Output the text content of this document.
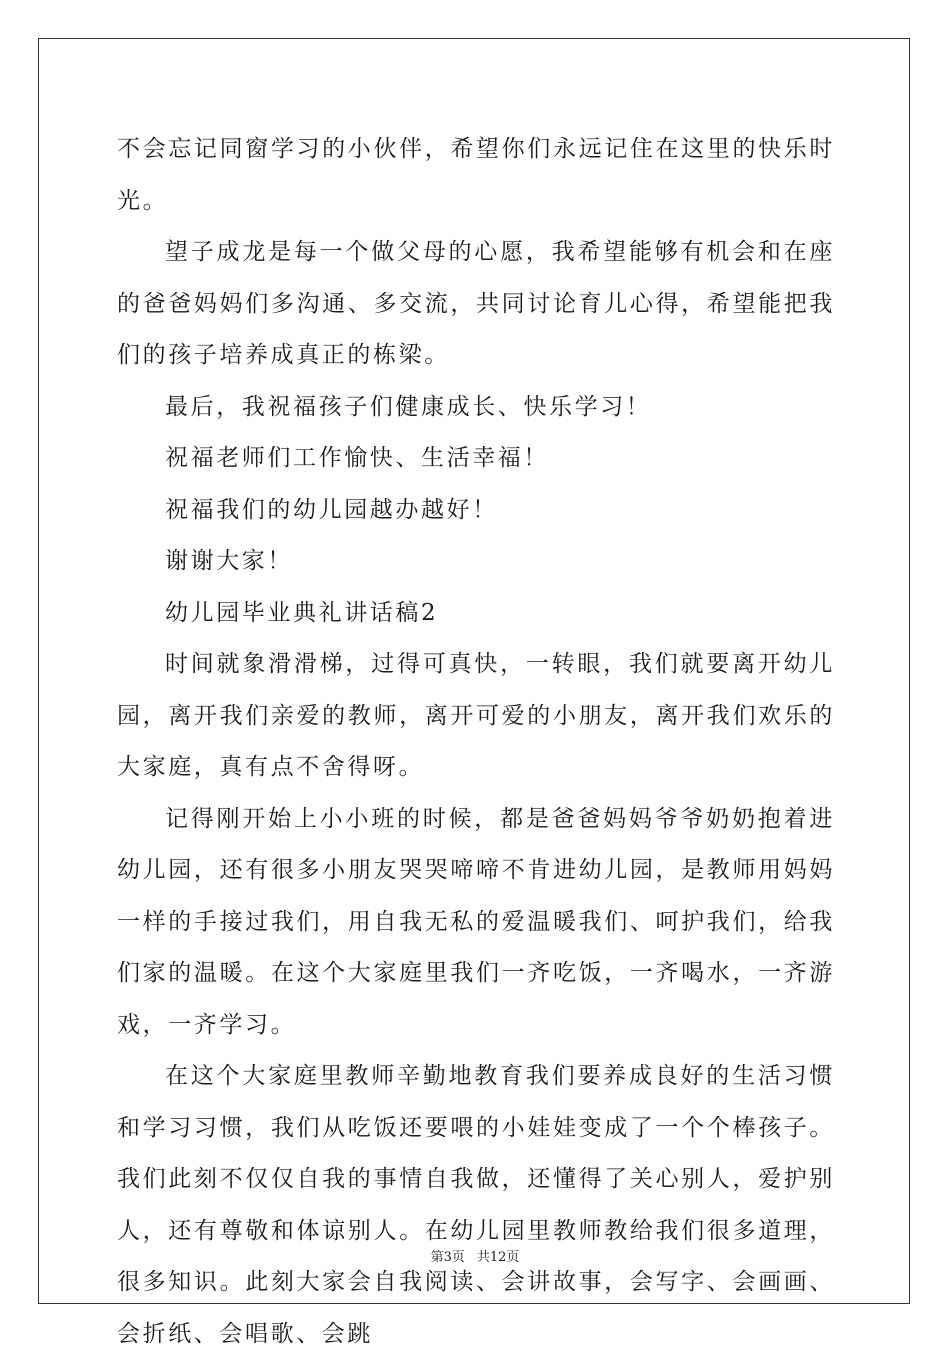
不会忘记同窗学习的小伙伴，希望你们永远记住在这里的快乐时光。

望子成龙是每一个做父母的心愿，我希望能够有机会和在座的爸爸妈妈们多沟通、多交流，共同讨论育儿心得，希望能把我们的孩子培养成真正的栋梁。

最后，我祝福孩子们健康成长、快乐学习！

祝福老师们工作愉快、生活幸福！

祝福我们的幼儿园越办越好！

谢谢大家！

幼儿园毕业典礼讲话稿2

时间就象滑滑梯，过得可真快，一转眼，我们就要离开幼儿园，离开我们亲爱的教师，离开可爱的小朋友，离开我们欢乐的大家庭，真有点不舍得呀。

记得刚开始上小小班的时候，都是爸爸妈妈爷爷奶奶抱着进幼儿园，还有很多小朋友哭哭啼啼不肯进幼儿园，是教师用妈妈一样的手接过我们，用自我无私的爱温暖我们、呵护我们，给我们家的温暖。在这个大家庭里我们一齐吃饭，一齐喝水，一齐游戏，一齐学习。

在这个大家庭里教师辛勤地教育我们要养成良好的生活习惯和学习习惯，我们从吃饭还要喂的小娃娃变成了一个个棒孩子。我们此刻不仅仅自我的事情自我做，还懂得了关心别人，爱护别人，还有尊敬和体谅别人。在幼儿园里教师教给我们很多道理，很多知识。此刻大家会自我阅读、会讲故事，会写字、会画画、会折纸、会唱歌、会跳

第3页 共12页
